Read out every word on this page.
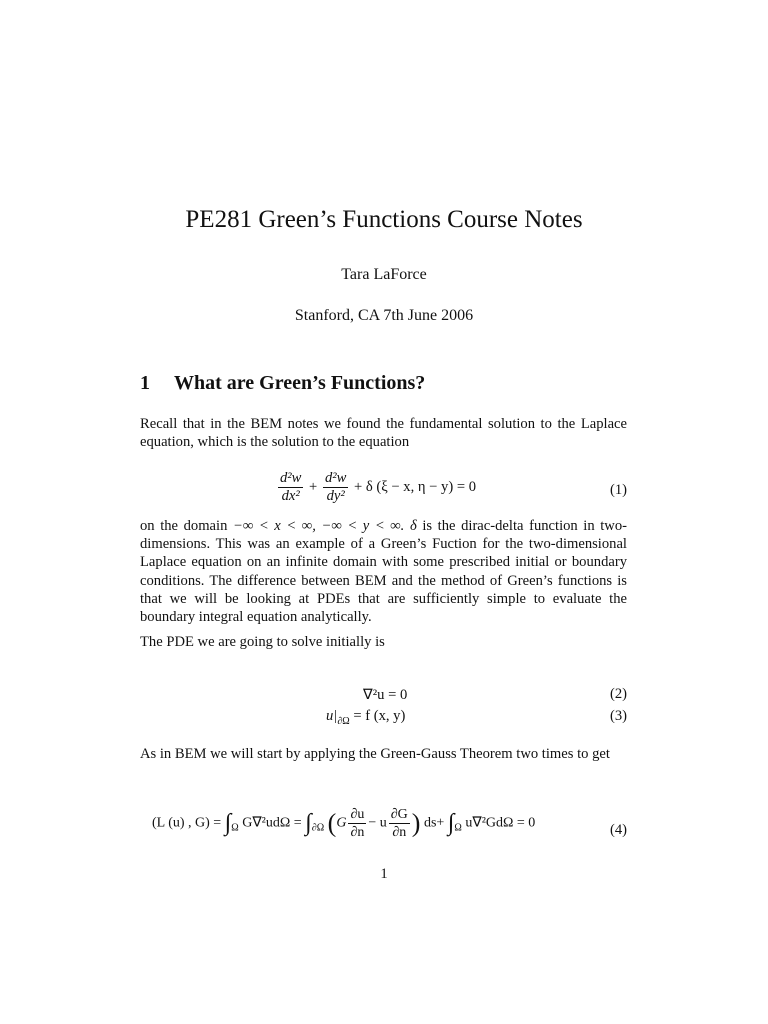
PE281 Green’s Functions Course Notes
Tara LaForce
Stanford, CA 7th June 2006
1 What are Green’s Functions?
Recall that in the BEM notes we found the fundamental solution to the Laplace equation, which is the solution to the equation
$\frac{\text{d²w}}{\text{dx²}} + \frac{\text{d²w}}{\text{dy²}} + \delta$ (ξ − x, η − y) = 0	(1)
on the domain −∞ < x < ∞, −∞ < y < ∞. δ is the dirac-delta function in two-dimensions. This was an example of a Green’s Fuction for the two-dimensional Laplace equation on an infinite domain with some prescribed initial or boundary conditions. The difference between BEM and the method of Green’s functions is that we will be looking at PDEs that are sufficiently simple to evaluate the boundary integral equation analytically.
The PDE we are going to solve initially is
∇²u = 0	(2)
$u|_{\partial\Omega} = f$ (x, y)	(3)
As in BEM we will start by applying the Green-Gauss Theorem two times to get
(L (u) , $G) = \int_\Omega$ $G\nabla^2ud\Omega = \int_{\partial\Omega}$ ($G \frac{\partial u}{\partial n} - u \frac{\partial G}{\partial n}$ ) $ds+ \int_\Omega$ u∇²GdΩ = 0	(4)
1
